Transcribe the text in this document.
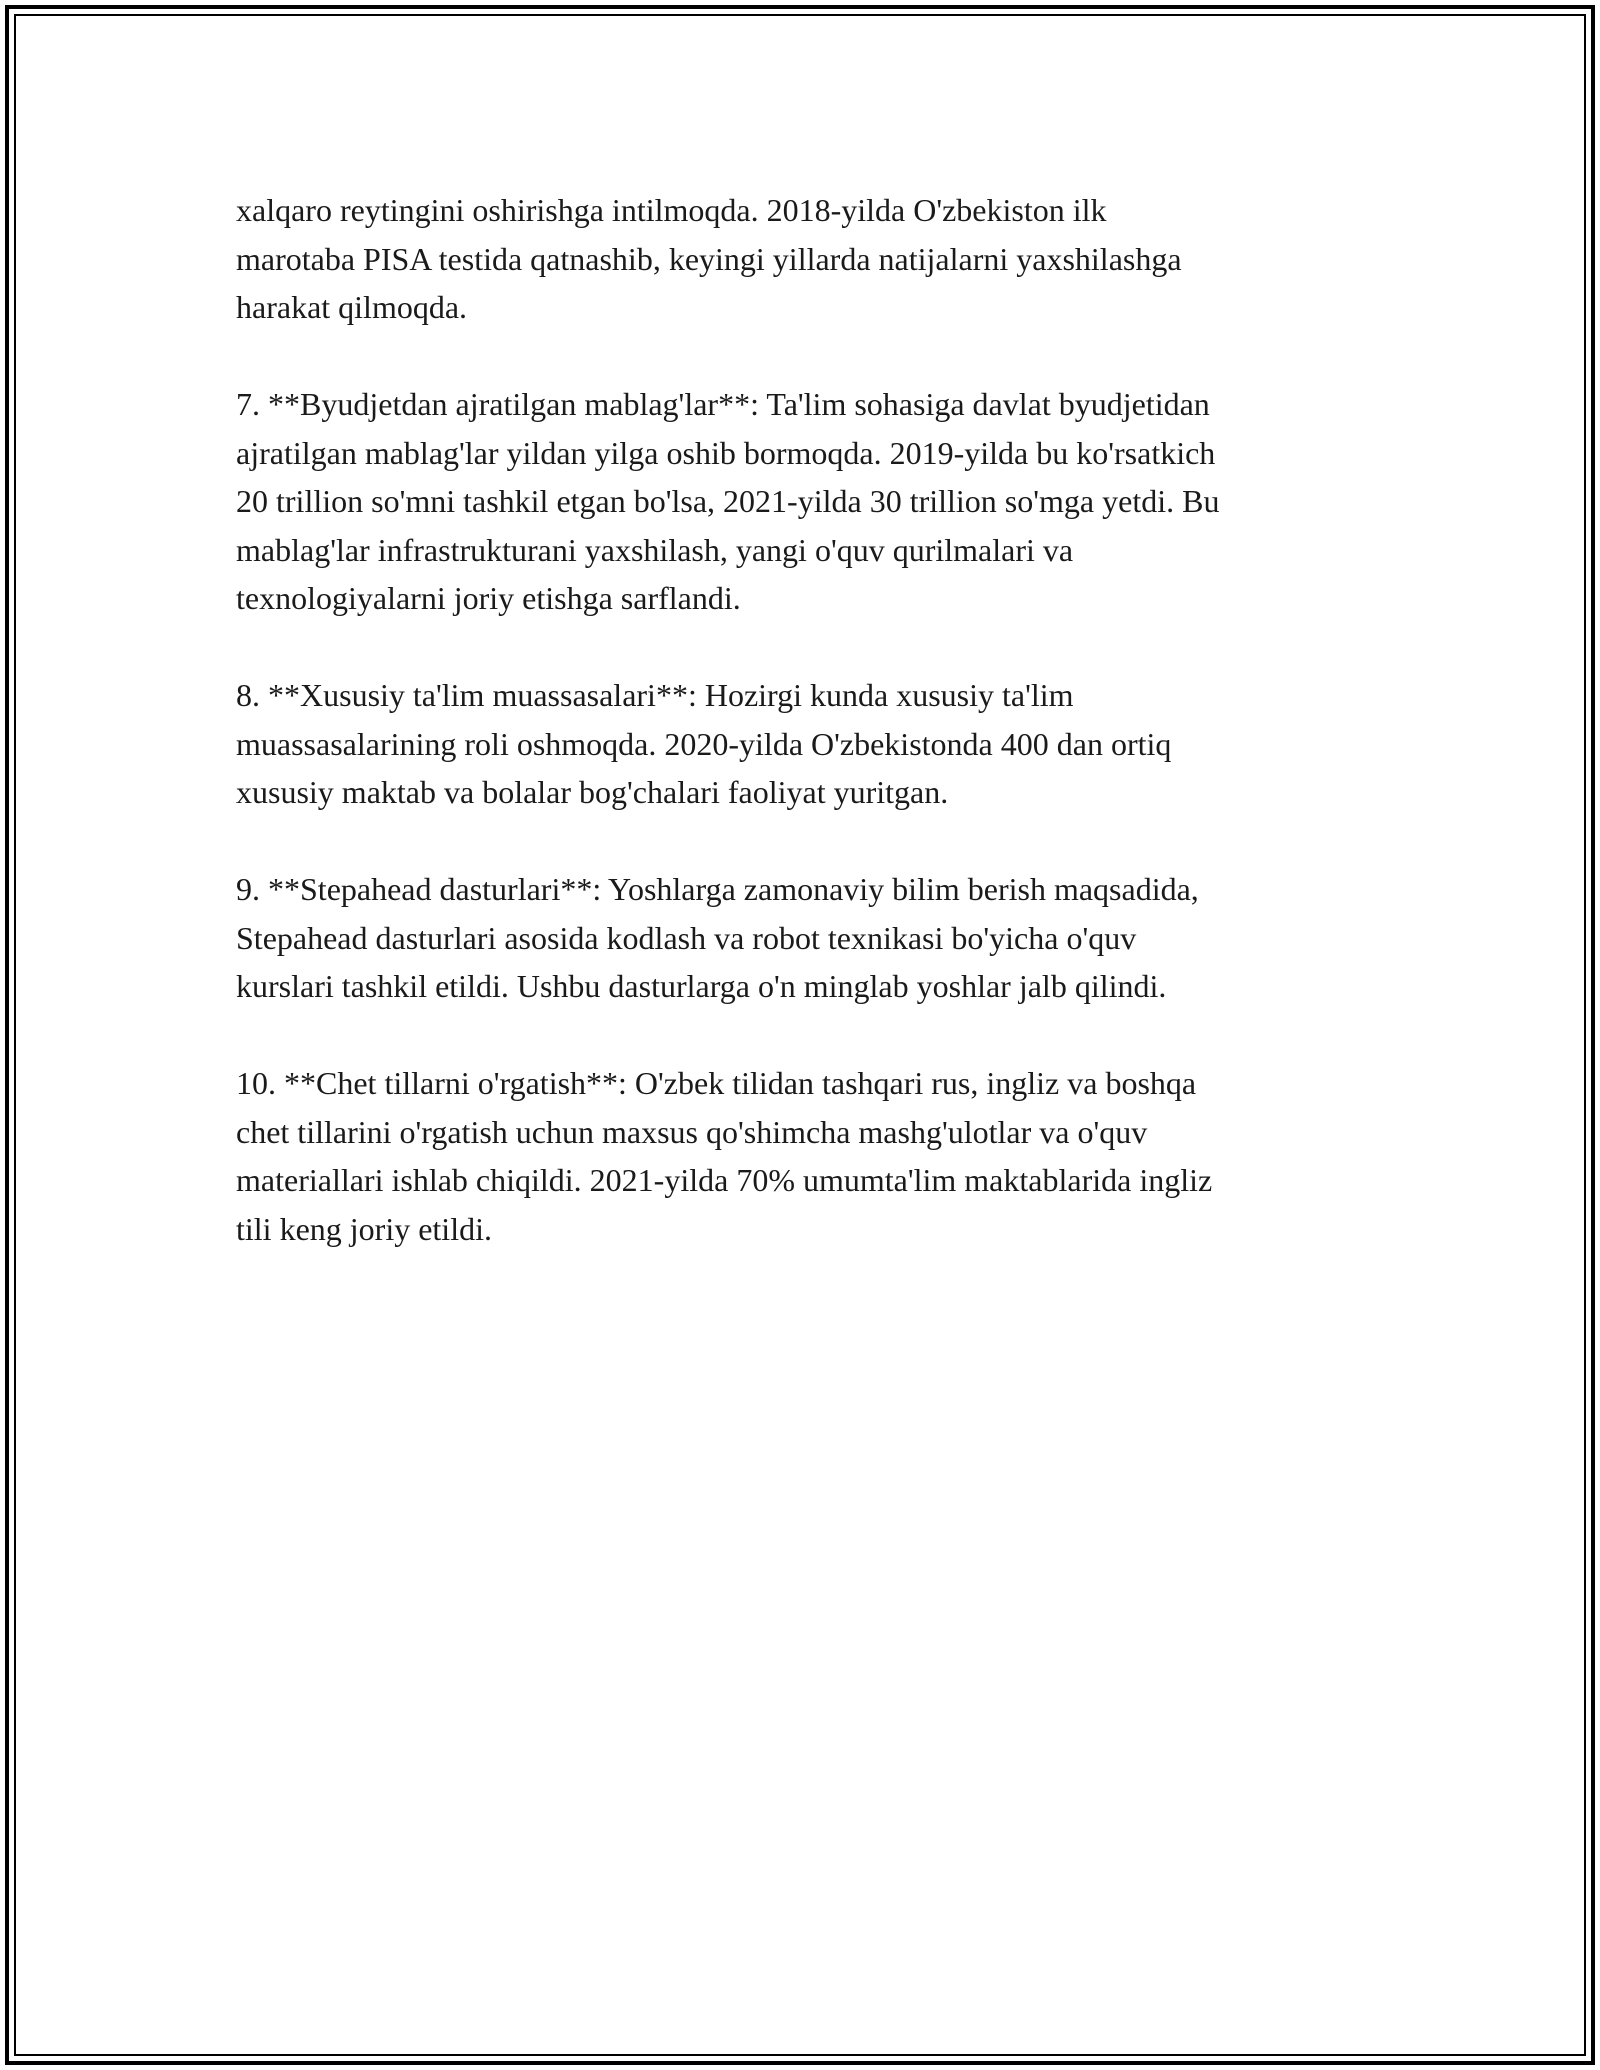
xalqaro reytingini oshirishga intilmoqda. 2018-yilda O'zbekiston ilk
marotaba PISA testida qatnashib, keyingi yillarda natijalarni yaxshilashga
harakat qilmoqda.

7. **Byudjetdan ajratilgan mablag'lar**: Ta'lim sohasiga davlat byudjetidan
ajratilgan mablag'lar yildan yilga oshib bormoqda. 2019-yilda bu ko'rsatkich
20 trillion so'mni tashkil etgan bo'lsa, 2021-yilda 30 trillion so'mga yetdi. Bu
mablag'lar infrastrukturani yaxshilash, yangi o'quv qurilmalari va
texnologiyalarni joriy etishga sarflandi.

8. **Xususiy ta'lim muassasalari**: Hozirgi kunda xususiy ta'lim
muassasalarining roli oshmoqda. 2020-yilda O'zbekistonda 400 dan ortiq
xususiy maktab va bolalar bog'chalari faoliyat yuritgan.

9. **Stepahead dasturlari**: Yoshlarga zamonaviy bilim berish maqsadida,
Stepahead dasturlari asosida kodlash va robot texnikasi bo'yicha o'quv
kurslari tashkil etildi. Ushbu dasturlarga o'n minglab yoshlar jalb qilindi.

10. **Chet tillarni o'rgatish**: O'zbek tilidan tashqari rus, ingliz va boshqa
chet tillarini o'rgatish uchun maxsus qo'shimcha mashg'ulotlar va o'quv
materiallari ishlab chiqildi. 2021-yilda 70% umumta'lim maktablarida ingliz
tili keng joriy etildi.
